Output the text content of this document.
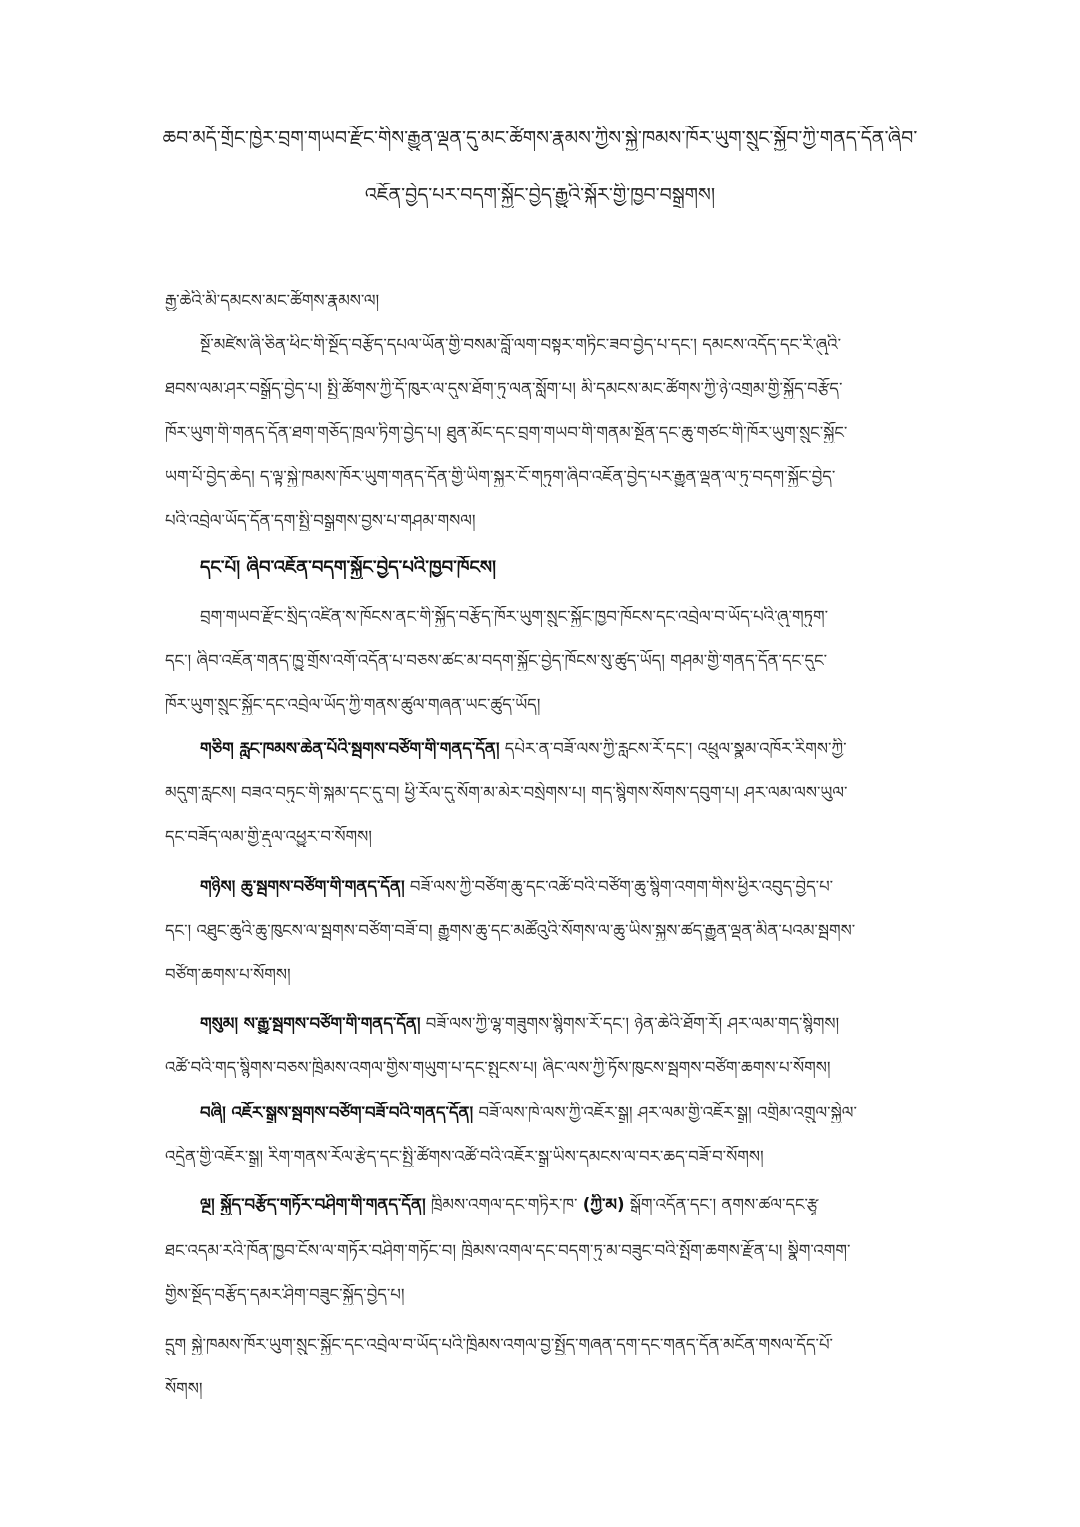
ཆབ་མདོ་གྲོང་ཁྱེར་བྲག་གཡབ་རྫོང་གིས་རྒྱུན་ལྡན་དུ་མང་ཚོགས་རྣམས་ཀྱིས་སྐྱེ་ཁམས་ཁོར་ཡུག་སྲུང་སྐྱོབ་ཀྱི་གནད་དོན་ཞིབ་
འཇོན་བྱེད་པར་བདག་སྐྱོང་བྱེད་རྒྱུའི་སྐོར་གྱི་ཁྱབ་བསྒྲགས།
རྒྱ་ཆེའི་མི་དམངས་མང་ཚོགས་རྣམས་ལ།
སྔོ་མཛེས་ཞི་ཅིན་ཕིང་གི་སྔོད་བརྩོད་དཔལ་ཡོན་གྱི་བསམ་བློ་ལག་བསྟར་གཏིང་ཟབ་བྱེད་པ་དང་། དམངས་འདོད་དང་རི་ཞུའི་
ཐབས་ལམ་ཤར་བསྒྲོད་བྱེད་པ། སྤྱི་ཚོགས་ཀྱི་དོ་ཁུར་ལ་དུས་ཐོག་ཏུ་ལན་སློག་པ། མི་དམངས་མང་ཚོགས་ཀྱི་ཉེ་འགྲམ་གྱི་སྐྱོད་བརྩོད་
ཁོར་ཡུག་གི་གནད་དོན་ཐག་གཅོད་ཁྲལ་ཏིག་བྱེད་པ། ཐུན་མོང་དང་བྲག་གཡབ་གི་གནམ་སྔོན་དང་ཆུ་གཙང་གི་ཁོར་ཡུག་སྲུང་སྐྱོང་
ཡག་པོ་བྱེད་ཆེད། ད་ལྟ་སྐྱེ་ཁམས་ཁོར་ཡུག་གནད་དོན་གྱི་ཡིག་སྐྱར་ངོ་གཏུག་ཞིབ་འཇོན་བྱེད་པར་རྒྱུན་ལྡན་ལ་ཏུ་བདག་སྐྱོང་བྱེད་
པའི་འབྲེལ་ཡོད་དོན་དག་སྤྱི་བསྒྲགས་བྱས་པ་གཤམ་གསལ།
དང་པོ། ཞིབ་འཇོན་བདག་སྐྱོང་བྱེད་པའི་ཁྱབ་ཁོངས།
བྲག་གཡབ་རྫོང་སྲིད་འཛིན་ས་ཁོངས་ནང་གི་སྐྱོད་བརྩོད་ཁོར་ཡུག་སྲུང་སྐྱོང་ཁྱབ་ཁོངས་དང་འབྲེལ་བ་ཡོད་པའི་ཞུ་གཏུག་
དང་། ཞིབ་འཇོན་གནད་ཁྱུ་གྲོས་འགོ་འདོན་པ་བཅས་ཚང་མ་བདག་སྐྱོང་བྱེད་ཁོངས་སུ་ཚུད་ཡོད། གཤམ་གྱི་གནད་དོན་དང་དུང་
ཁོར་ཡུག་སྲུང་སྐྱོང་དང་འབྲེལ་ཡོད་ཀྱི་གནས་ཚུལ་གཞན་ཡང་ཚུད་ཡོད།
གཅིག རླུང་ཁམས་ཆེན་པོའི་སྦགས་བཙོག་གི་གནད་དོན། དཔེར་ན་བཟོ་ལས་ཀྱི་རླངས་རོ་དང་། འཕྲུལ་སྣུམ་འཁོར་རིགས་ཀྱི་
མདུག་རླངས། བཟའ་བཏུང་གི་སྐམ་དང་དུ་བ། ཕྱི་རོལ་དུ་སོག་མ་མེར་བསྲེགས་པ། གད་སྙིགས་སོགས་དབུག་པ། ཤར་ལམ་ལས་ཡུལ་
དང་བཟོད་ལམ་གྱི་རྡུལ་འཕྱུར་བ་སོགས།
གཉིས། ཆུ་སྦགས་བཙོག་གི་གནད་དོན། བཟོ་ལས་ཀྱི་བཙོག་ཆུ་དང་འཚོ་བའི་བཙོག་ཆུ་སྙིག་འགག་གིས་ཕྱིར་འབུད་བྱེད་པ་
དང་། འཐུང་ཆུའི་ཆུ་ཁུངས་ལ་སྦགས་བཙོག་བཟོ་བ། རྒྱུགས་ཆུ་དང་མཚོའུའི་སོགས་ལ་ཆུ་ཡིས་སྐྱས་ཚད་རྒྱུན་ལྡན་མིན་པའམ་སྦགས་
བཙོག་ཆགས་པ་སོགས།
གསུམ། ས་རྒྱུ་སྦགས་བཙོག་གི་གནད་དོན། བཟོ་ལས་ཀྱི་ལྷ་གཟུགས་སྙིགས་རོ་དང་། ཉེན་ཆེའི་ཐོག་རོ། ཤར་ལམ་གད་སྙིགས།
འཚོ་བའི་གད་སྙིགས་བཅས་ཁྲིམས་འགལ་གྱིས་གཡུག་པ་དང་སྤུངས་པ། ཞིང་ལས་ཀྱི་ཏོས་ཁུངས་སྦགས་བཙོག་ཆགས་པ་སོགས།
བཞི། འཇོར་སྒྲས་སྦགས་བཙོག་བཟོ་བའི་གནད་དོན། བཟོ་ལས་ཁེ་ལས་ཀྱི་འཇོར་སྒྲ། ཤར་ལམ་གྱི་འཇོར་སྒྲ། འགྲིམ་འགྲུལ་སྐྱེལ་
འདྲེན་གྱི་འཇོར་སྒྲ། རིག་གནས་རོལ་རྩེད་དང་སྤྱི་ཚོགས་འཚོ་བའི་འཇོར་སྒྲ་ཡིས་དམངས་ལ་བར་ཆད་བཟོ་བ་སོགས།
ལྔ། སྐྱོད་བརྩོད་གཏོར་བཤིག་གི་གནད་དོན། ཁྲིམས་འགལ་དང་གཏིར་ཁ་ (ཀྱི་མ) སྒོག་འདོན་དང་། ནགས་ཚལ་དང་རྩྭ
ཐང་འདམ་རའི་ཁོན་ཁྱབ་ངོས་ལ་གཏོར་བཤིག་གཏོང་བ། ཁྲིམས་འགལ་དང་བདག་ཏུ་མ་བཟུང་བའི་སྤོག་ཆགས་རྫོན་པ། སྣིག་འགག་
གྱིས་སྔོད་བརྩོད་དམར་ཤིག་བཟུང་སྐྱོད་བྱེད་པ།
དྲུག སྐྱེ་ཁམས་ཁོར་ཡུག་སྲུང་སྐྱོང་དང་འབྲེལ་བ་ཡོད་པའི་ཁྲིམས་འགལ་བྱ་སྤྱོད་གཞན་དག་དང་གནད་དོན་མངོན་གསལ་དོད་པོ་
སོགས།
